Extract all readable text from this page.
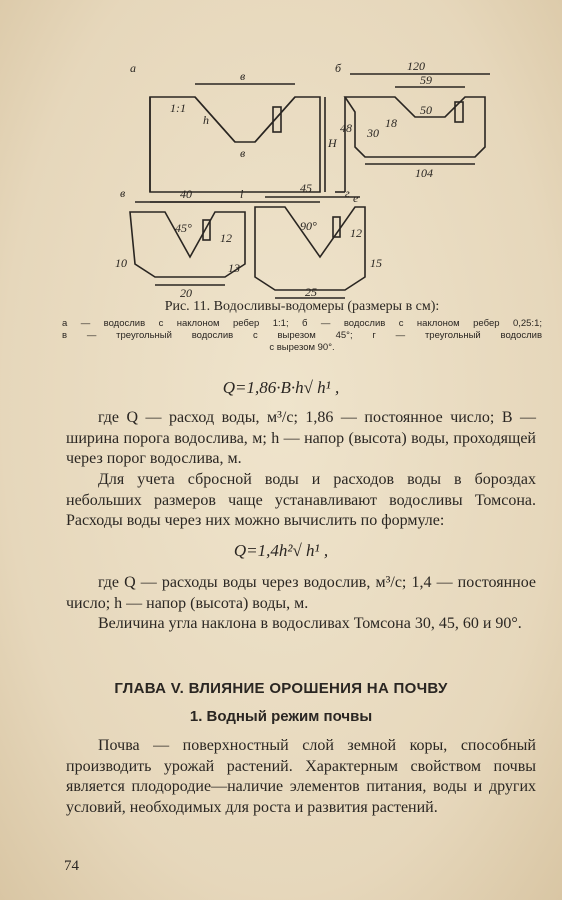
а	б
в	г
в
1:1
h
в
Н
l	е
120
59
50
48 30
18
104
40
45°
12
10
20
13
45
90°	12
15
25
Рис. 11. Водосливы-водомеры (размеры в см):
а — водослив с наклоном ребер 1:1; б — водослив с наклоном ребер 0,25:1;
в — треугольный водослив с вырезом 45°; г — треугольный водослив
с вырезом 90°.
Q=1,86·B·h√ h¹ ,
где Q — расход воды, м³/с; 1,86 — постоянное число; B — ширина порога водослива, м; h — напор (высота) воды, проходящей через порог водослива, м.
Для учета сбросной воды и расходов воды в бороздах небольших размеров чаще устанавливают водосливы Томсона. Расходы воды через них можно вычислить по формуле:
Q=1,4h²√ h¹ ,
где Q — расходы воды через водослив, м³/с; 1,4 — постоянное число; h — напор (высота) воды, м.
Величина угла наклона в водосливах Томсона 30, 45, 60 и 90°.
ГЛАВА V. ВЛИЯНИЕ ОРОШЕНИЯ НА ПОЧВУ
1. Водный режим почвы
Почва — поверхностный слой земной коры, способный производить урожай растений. Характерным свойством почвы является плодородие—наличие элементов питания, воды и других условий, необходимых для роста и развития растений.
74
